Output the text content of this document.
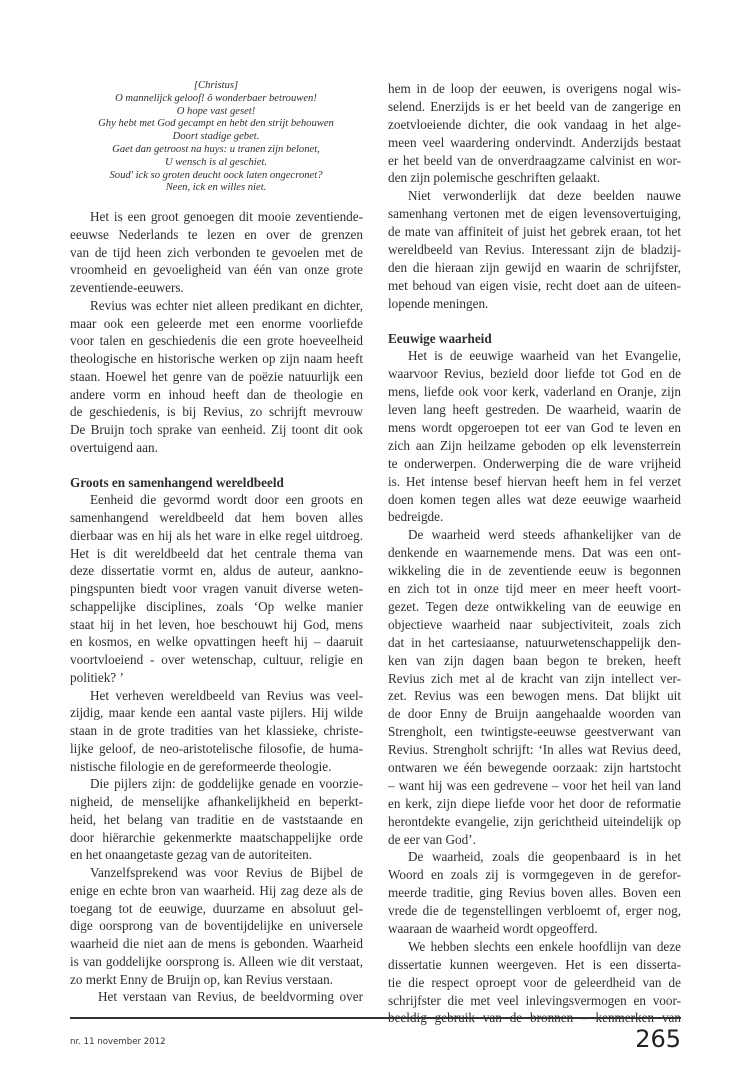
[Christus]
O mannelijck geloof! ô wonderbaer betrouwen!
O hope vast geset!
Ghy hebt met God gecampt en hebt den strijt behouwen
Doort stadige gebet.
Gaet dan getroost na huys: u tranen zijn belonet,
U wensch is al geschiet.
Soud' ick so groten deucht oock laten ongecronet?
Neen, ick en willes niet.
Het is een groot genoegen dit mooie zeventiende-
eeuwse Nederlands te lezen en over de grenzen
van de tijd heen zich verbonden te gevoelen met de
vroomheid en gevoeligheid van één van onze grote
zeventiende-eeuwers.
Revius was echter niet alleen predikant en dichter,
maar ook een geleerde met een enorme voorliefde
voor talen en geschiedenis die een grote hoeveelheid
theologische en historische werken op zijn naam heeft
staan. Hoewel het genre van de poëzie natuurlijk een
andere vorm en inhoud heeft dan de theologie en
de geschiedenis, is bij Revius, zo schrijft mevrouw
De Bruijn toch sprake van eenheid. Zij toont dit ook
overtuigend aan.
Groots en samenhangend wereldbeeld
Eenheid die gevormd wordt door een groots en
samenhangend wereldbeeld dat hem boven alles
dierbaar was en hij als het ware in elke regel uitdroeg.
Het is dit wereldbeeld dat het centrale thema van
deze dissertatie vormt en, aldus de auteur, aankno-
pingspunten biedt voor vragen vanuit diverse weten-
schappelijke disciplines, zoals ‘Op welke manier
staat hij in het leven, hoe beschouwt hij God, mens
en kosmos, en welke opvattingen heeft hij – daaruit
voortvloeiend - over wetenschap, cultuur, religie en
politiek? ’
Het verheven wereldbeeld van Revius was veel-
zijdig, maar kende een aantal vaste pijlers. Hij wilde
staan in de grote tradities van het klassieke, christe-
lijke geloof, de neo-aristotelische filosofie, de huma-
nistische filologie en de gereformeerde theologie.
Die pijlers zijn: de goddelijke genade en voorzie-
nigheid, de menselijke afhankelijkheid en beperkt-
heid, het belang van traditie en de vaststaande en
door hiërarchie gekenmerkte maatschappelijke orde
en het onaangetaste gezag van de autoriteiten.
Vanzelfsprekend was voor Revius de Bijbel de
enige en echte bron van waarheid. Hij zag deze als de
toegang tot de eeuwige, duurzame en absoluut gel-
dige oorsprong van de boventijdelijke en universele
waarheid die niet aan de mens is gebonden. Waarheid
is van goddelijke oorsprong is. Alleen wie dit verstaat,
zo merkt Enny de Bruijn op, kan Revius verstaan.
Het verstaan van Revius, de beeldvorming over
hem in de loop der eeuwen, is overigens nogal wis-
selend. Enerzijds is er het beeld van de zangerige en
zoetvloeiende dichter, die ook vandaag in het alge-
meen veel waardering ondervindt. Anderzijds bestaat
er het beeld van de onverdraagzame calvinist en wor-
den zijn polemische geschriften gelaakt.
Niet verwonderlijk dat deze beelden nauwe
samenhang vertonen met de eigen levensovertuiging,
de mate van affiniteit of juist het gebrek eraan, tot het
wereldbeeld van Revius. Interessant zijn de bladzij-
den die hieraan zijn gewijd en waarin de schrijfster,
met behoud van eigen visie, recht doet aan de uiteen-
lopende meningen.
Eeuwige waarheid
Het is de eeuwige waarheid van het Evangelie,
waarvoor Revius, bezield door liefde tot God en de
mens, liefde ook voor kerk, vaderland en Oranje, zijn
leven lang heeft gestreden. De waarheid, waarin de
mens wordt opgeroepen tot eer van God te leven en
zich aan Zijn heilzame geboden op elk levensterrein
te onderwerpen. Onderwerping die de ware vrijheid
is. Het intense besef hiervan heeft hem in fel verzet
doen komen tegen alles wat deze eeuwige waarheid
bedreigde.
De waarheid werd steeds afhankelijker van de
denkende en waarnemende mens. Dat was een ont-
wikkeling die in de zeventiende eeuw is begonnen
en zich tot in onze tijd meer en meer heeft voort-
gezet. Tegen deze ontwikkeling van de eeuwige en
objectieve waarheid naar subjectiviteit, zoals zich
dat in het cartesiaanse, natuurwetenschappelijk den-
ken van zijn dagen baan begon te breken, heeft
Revius zich met al de kracht van zijn intellect ver-
zet. Revius was een bewogen mens. Dat blijkt uit
de door Enny de Bruijn aangehaalde woorden van
Strengholt, een twintigste-eeuwse geestverwant van
Revius. Strengholt schrijft: ‘In alles wat Revius deed,
ontwaren we één bewegende oorzaak: zijn hartstocht
– want hij was een gedrevene – voor het heil van land
en kerk, zijn diepe liefde voor het door de reformatie
herontdekte evangelie, zijn gerichtheid uiteindelijk op
de eer van God’.
De waarheid, zoals die geopenbaard is in het
Woord en zoals zij is vormgegeven in de gerefor-
meerde traditie, ging Revius boven alles. Boven een
vrede die de tegenstellingen verbloemt of, erger nog,
waaraan de waarheid wordt opgeofferd.
We hebben slechts een enkele hoofdlijn van deze
dissertatie kunnen weergeven. Het is een disserta-
tie die respect oproept voor de geleerdheid van de
schrijfster die met veel inlevingsvermogen en voor-
nr. 11 november 2012	265
